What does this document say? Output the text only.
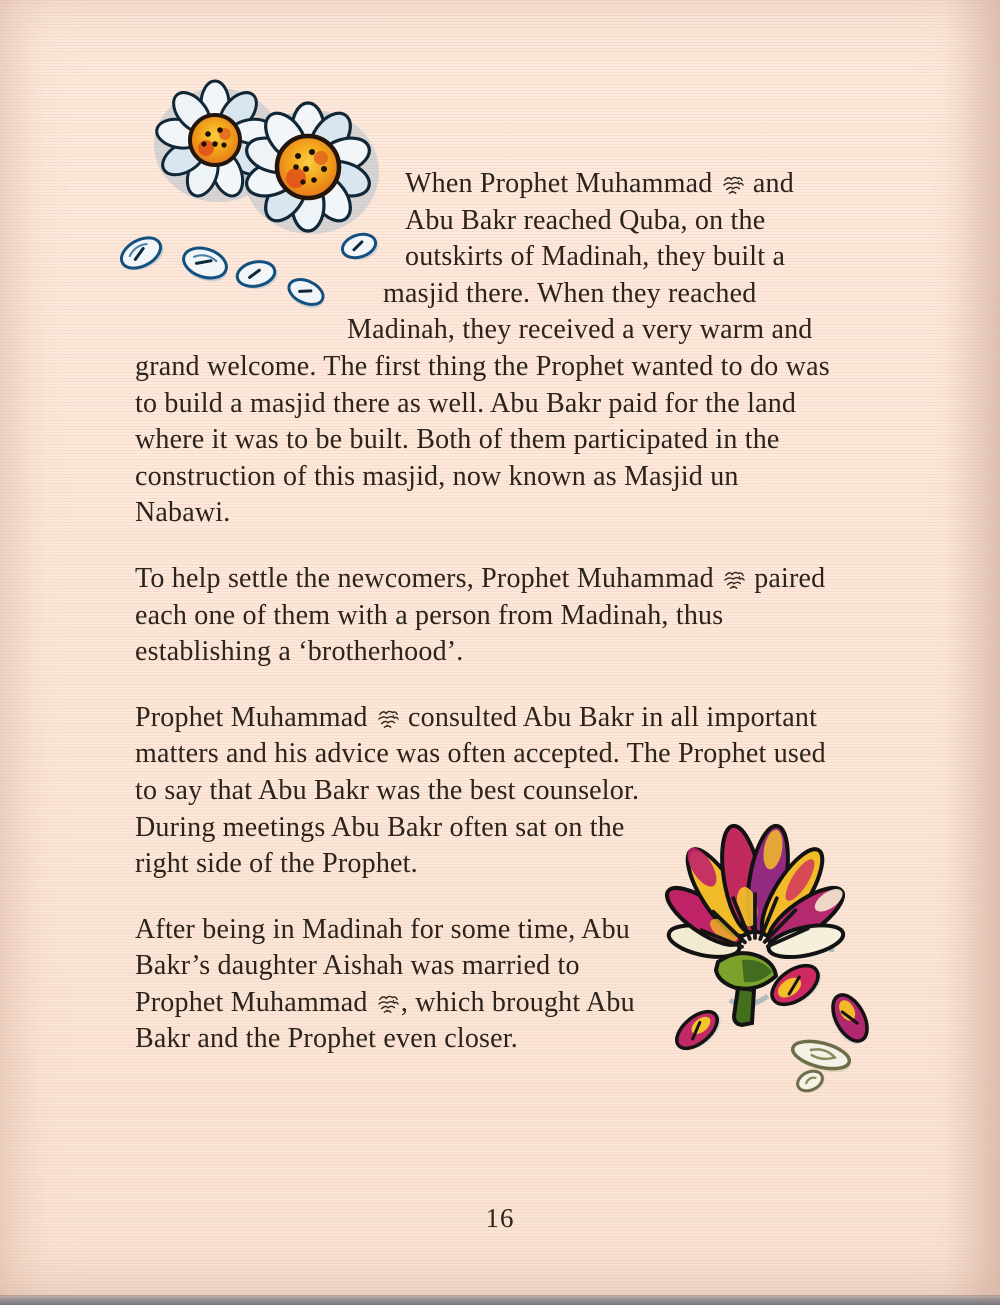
When Prophet Muhammad and Abu Bakr reached Quba, on the outskirts of Madinah, they built a masjid there. When they reached Madinah, they received a very warm and grand welcome. The first thing the Prophet wanted to do was to build a masjid there as well. Abu Bakr paid for the land where it was to be built. Both of them participated in the construction of this masjid, now known as Masjid un Nabawi.

To help settle the newcomers, Prophet Muhammad paired each one of them with a person from Madinah, thus establishing a ‘brotherhood’.

Prophet Muhammad consulted Abu Bakr in all important matters and his advice was often accepted. The Prophet used to say that Abu Bakr was the best counselor. During meetings Abu Bakr often sat on the right side of the Prophet.

After being in Madinah for some time, Abu Bakr’s daughter Aishah was married to Prophet Muhammad , which brought Abu Bakr and the Prophet even closer.

16
